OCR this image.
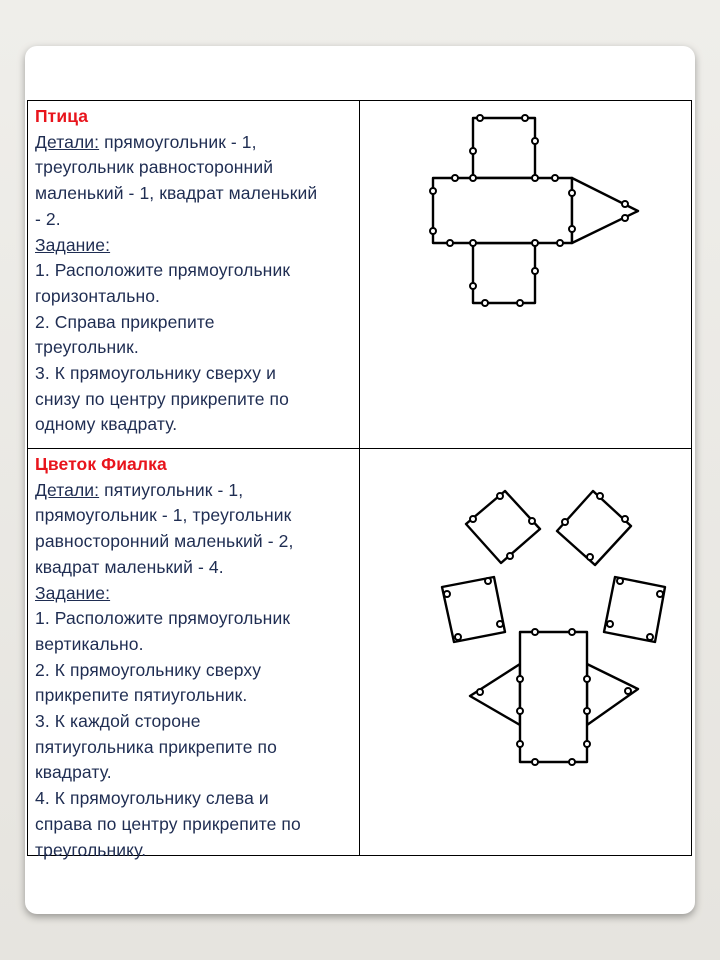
Птица
Детали: прямоугольник - 1,
треугольник равносторонний
маленький - 1, квадрат маленький
- 2.
Задание:
1. Расположите прямоугольник
горизонтально.
2. Справа прикрепите
треугольник.
3. К прямоугольнику сверху и
снизу по центру прикрепите по
одному квадрату.
Цветок Фиалка
Детали: пятиугольник - 1,
прямоугольник - 1, треугольник
равносторонний маленький - 2,
квадрат маленький - 4.
Задание:
1. Расположите прямоугольник
вертикально.
2. К прямоугольнику сверху
прикрепите пятиугольник.
3. К каждой стороне
пятиугольника прикрепите по
квадрату.
4. К прямоугольнику слева и
справа по центру прикрепите по
треугольнику.
